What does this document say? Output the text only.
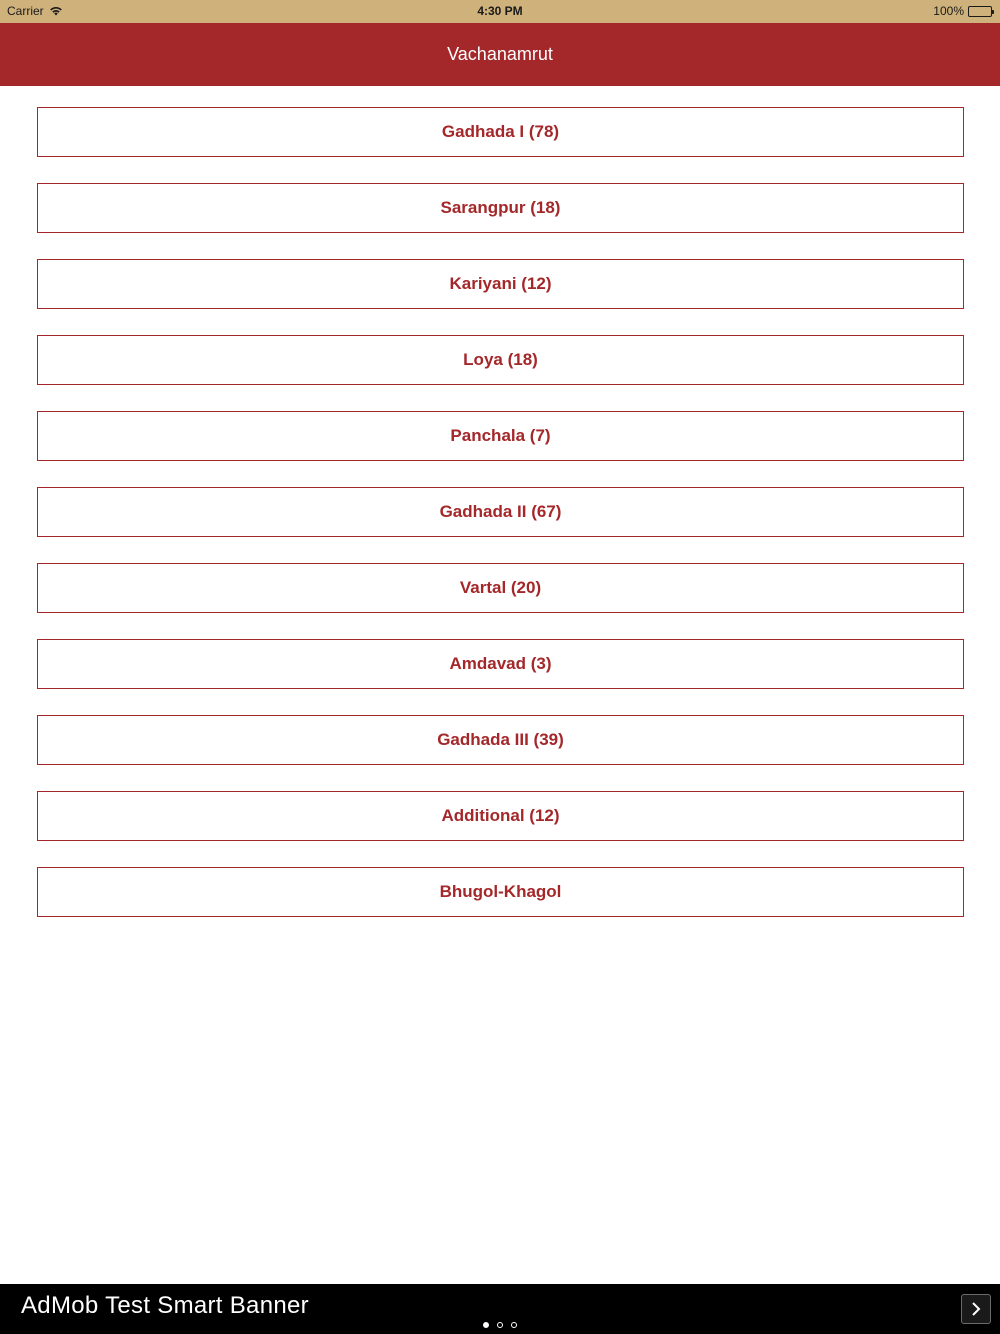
Carrier	4:30 PM	100%
Vachanamrut
Gadhada I (78)
Sarangpur (18)
Kariyani (12)
Loya (18)
Panchala (7)
Gadhada II (67)
Vartal (20)
Amdavad (3)
Gadhada III (39)
Additional (12)
Bhugol-Khagol
AdMob Test Smart Banner
